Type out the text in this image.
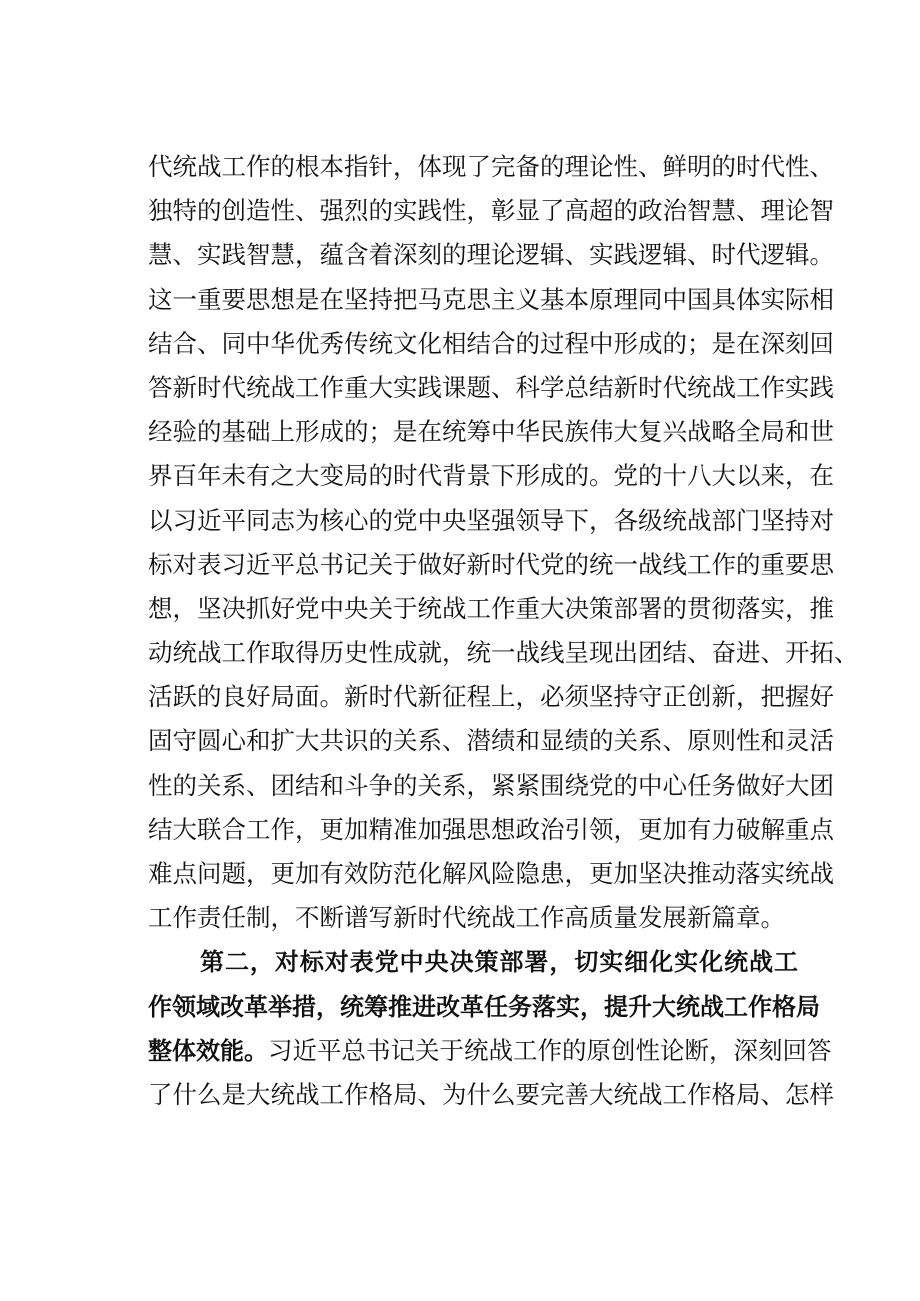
代统战工作的根本指针，体现了完备的理论性、鲜明的时代性、
独特的创造性、强烈的实践性，彰显了高超的政治智慧、理论智
慧、实践智慧，蕴含着深刻的理论逻辑、实践逻辑、时代逻辑。
这一重要思想是在坚持把马克思主义基本原理同中国具体实际相
结合、同中华优秀传统文化相结合的过程中形成的；是在深刻回
答新时代统战工作重大实践课题、科学总结新时代统战工作实践
经验的基础上形成的；是在统筹中华民族伟大复兴战略全局和世
界百年未有之大变局的时代背景下形成的。党的十八大以来，在
以习近平同志为核心的党中央坚强领导下，各级统战部门坚持对
标对表习近平总书记关于做好新时代党的统一战线工作的重要思
想，坚决抓好党中央关于统战工作重大决策部署的贯彻落实，推
动统战工作取得历史性成就，统一战线呈现出团结、奋进、开拓、
活跃的良好局面。新时代新征程上，必须坚持守正创新，把握好
固守圆心和扩大共识的关系、潜绩和显绩的关系、原则性和灵活
性的关系、团结和斗争的关系，紧紧围绕党的中心任务做好大团
结大联合工作，更加精准加强思想政治引领，更加有力破解重点
难点问题，更加有效防范化解风险隐患，更加坚决推动落实统战
工作责任制，不断谱写新时代统战工作高质量发展新篇章。

第二，对标对表党中央决策部署，切实细化实化统战工
作领域改革举措，统筹推进改革任务落实，提升大统战工作格局
整体效能。习近平总书记关于统战工作的原创性论断，深刻回答
了什么是大统战工作格局、为什么要完善大统战工作格局、怎样
